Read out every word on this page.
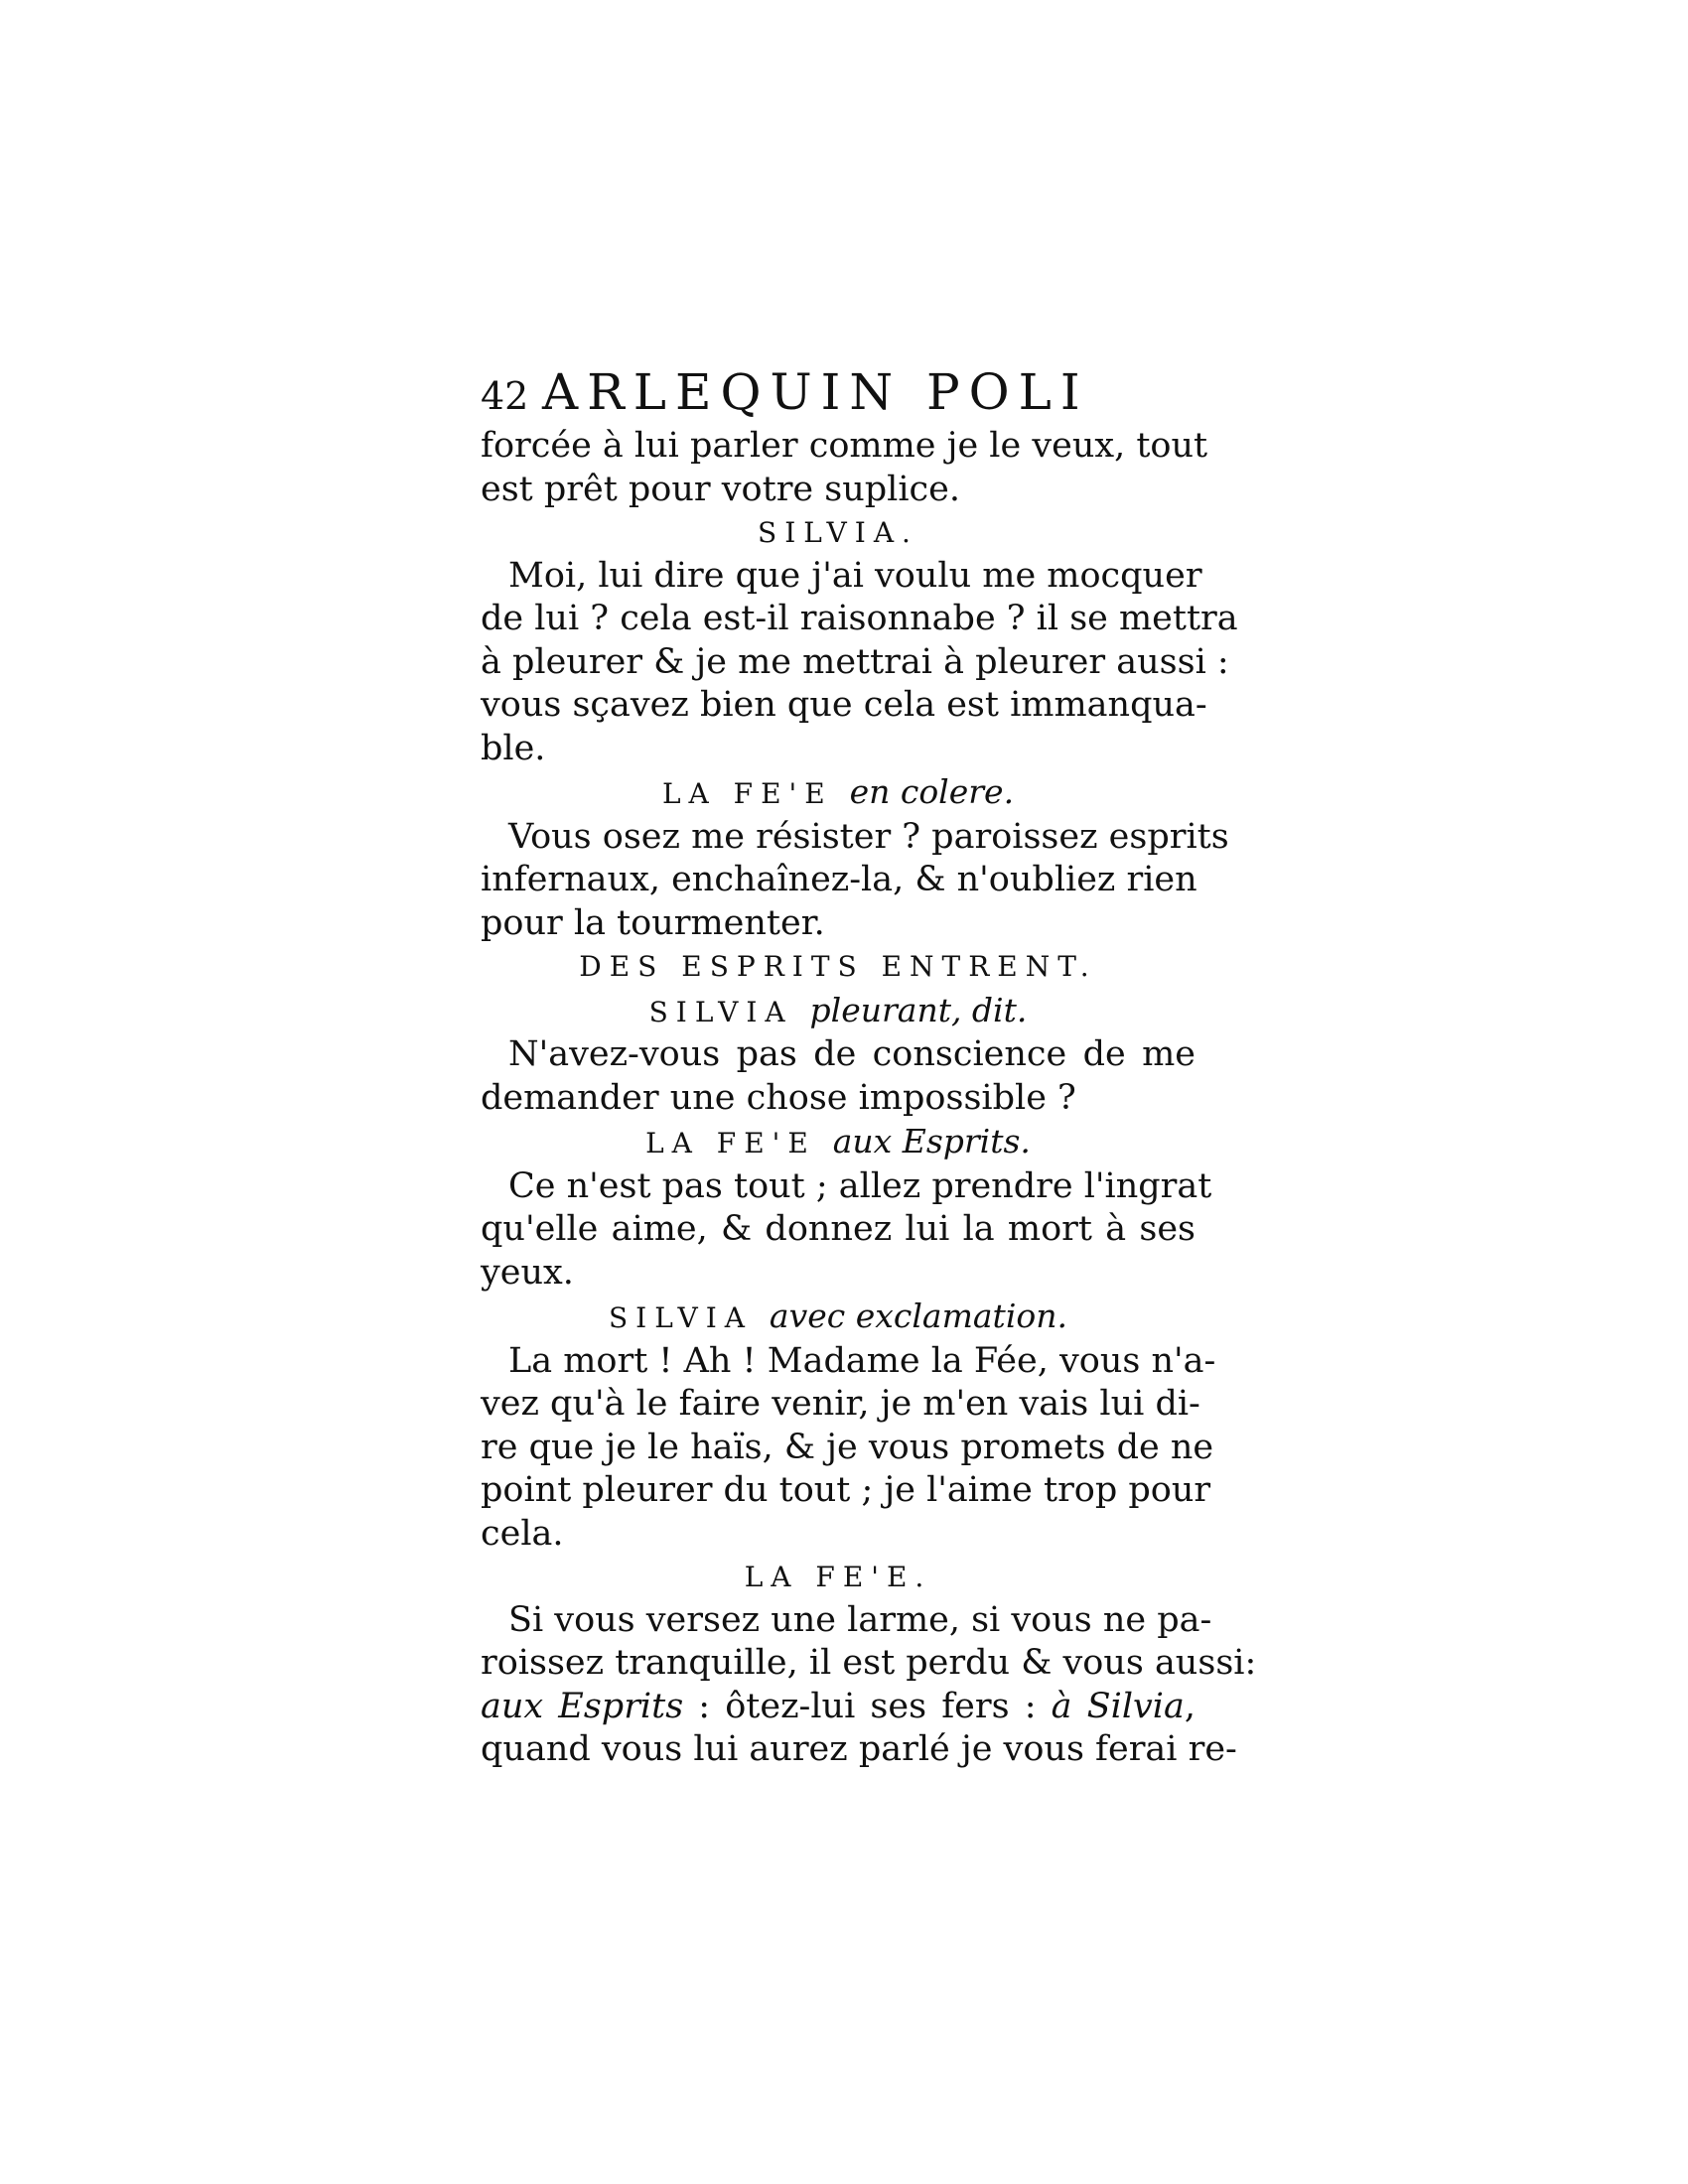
42 ARLEQUIN POLI
forcée à lui parler comme je le veux, tout
est prêt pour votre suplice.
SILVIA.
Moi, lui dire que j'ai voulu me mocquer
de lui ? cela est-il raisonnabe ? il se mettra
à pleurer & je me mettrai à pleurer aussi :
vous sçavez bien que cela est immanqua-
ble.
LA FE'E en colere.
Vous osez me résister ? paroissez esprits
infernaux, enchaînez-la, & n'oubliez rien
pour la tourmenter.
DES ESPRITS ENTRENT.
SILVIA pleurant, dit.
N'avez-vous pas de conscience de me
demander une chose impossible ?
LA FE'E aux Esprits.
Ce n'est pas tout ; allez prendre l'ingrat
qu'elle aime, & donnez lui la mort à ses
yeux.
SILVIA avec exclamation.
La mort ! Ah ! Madame la Fée, vous n'a-
vez qu'à le faire venir, je m'en vais lui di-
re que je le haïs, & je vous promets de ne
point pleurer du tout ; je l'aime trop pour
cela.
LA FE'E.
Si vous versez une larme, si vous ne pa-
roissez tranquille, il est perdu & vous aussi:
aux Esprits : ôtez-lui ses fers : à Silvia,
quand vous lui aurez parlé je vous ferai re-
